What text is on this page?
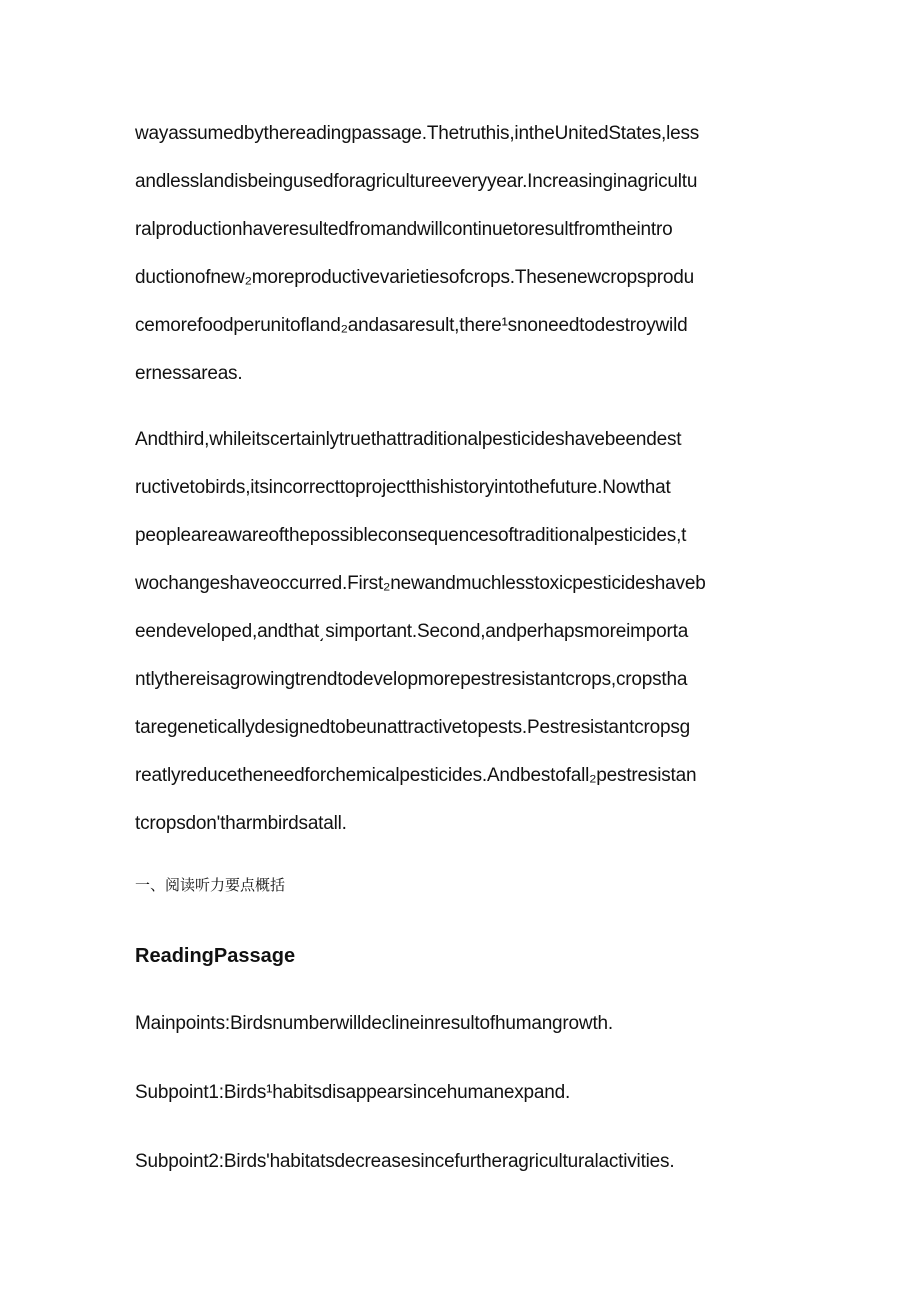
wayassumedbythereadingpassage.Thetruthis,intheUnitedStates,less
andlesslandisbeingusedforagricultureeveryyear.Increasinginagricultu
ralproductionhaveresultedfromandwillcontinuetoresultfromtheintro
ductionofnew₂moreproductivevarietiesofcrops.Thesenewcropsprodu
cemorefoodperunitofland₂andasaresult,there¹snoneedtodestroywild
ernessareas.
Andthird,whileitscertainlytruethattraditionalpesticideshavebeendest
ructivetobirds,itsincorrecttoprojectthishistoryintothefuture.Nowthat
peopleareawareofthepossibleconsequencesoftraditionalpesticides,t
wochangeshaveoccurred.First₂newandmuchlesstoxicpesticideshaveb
eendeveloped,andthat͵simportant.Second,andperhapsmoreimporta
ntlythereisagrowingtrendtodevelopmorepestresistantcrops,cropstha
taregeneticallydesignedtobeunattractivetopests.Pestresistantcropsg
reatlyreducetheneedforchemicalpesticides.Andbestofall₂pestresistan
tcropsdon'tharmbirdsatall.
一、阅读听力要点概括
ReadingPassage
Mainpoints:Birdsnumberwilldeclineinresultofhumangrowth.
Subpoint1:Birds¹habitsdisappearsincehumanexpand.
Subpoint2:Birds'habitatsdecreasesincefurtheragriculturalactivities.
